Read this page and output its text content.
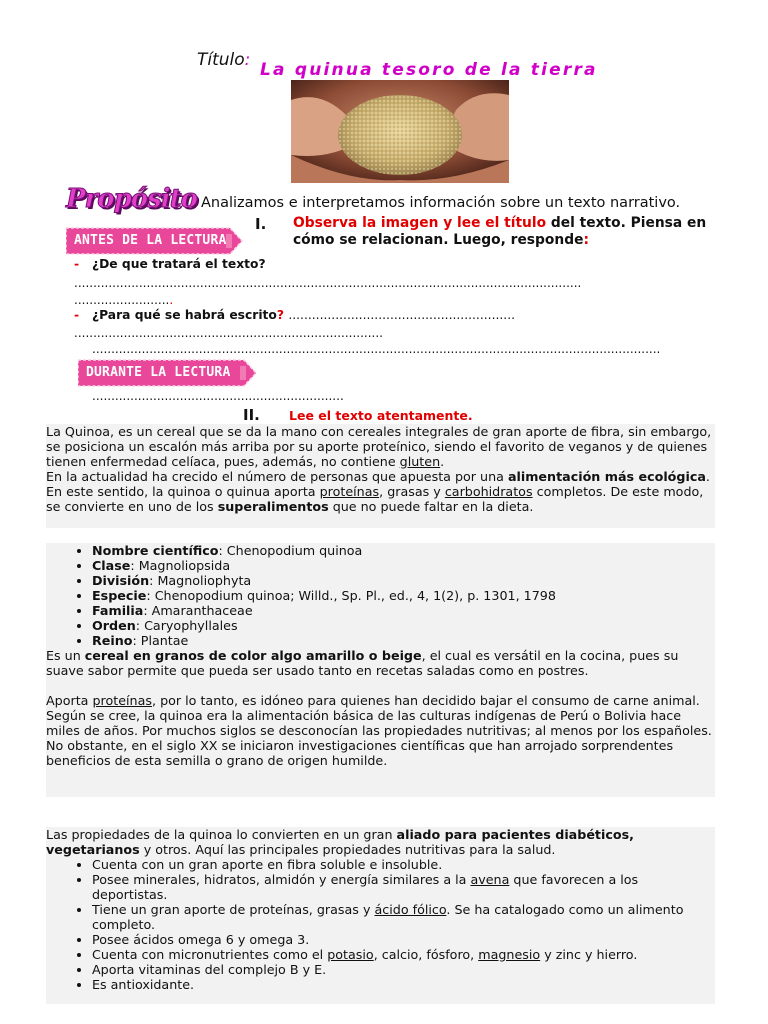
Título: La quinua tesoro de la tierra
Propósito Analizamos e interpretamos información sobre un texto narrativo.
ANTES DE LA LECTURA
I. Observa la imagen y lee el título del texto. Piensa en cómo se relacionan. Luego, responde:
- ¿De que tratará el texto?
.....................................................................................................................................
..........................
- ¿Para qué se habrá escrito? ..........................................................
.................................................................................
.....................................................................................................................................................
DURANTE LA LECTURA
..................................................................
II. Lee el texto atentamente.

La Quinoa, es un cereal que se da la mano con cereales integrales de gran aporte de fibra, sin embargo, se posiciona un escalón más arriba por su aporte proteínico, siendo el favorito de veganos y de quienes tienen enfermedad celíaca, pues, además, no contiene gluten.

En la actualidad ha crecido el número de personas que apuesta por una alimentación más ecológica. En este sentido, la quinoa o quinua aporta proteínas, grasas y carbohidratos completos. De este modo, se convierte en uno de los superalimentos que no puede faltar en la dieta.

• Nombre científico: Chenopodium quinoa
• Clase: Magnoliopsida
• División: Magnoliophyta
• Especie: Chenopodium quinoa; Willd., Sp. Pl., ed., 4, 1(2), p. 1301, 1798
• Familia: Amaranthaceae
• Orden: Caryophyllales
• Reino: Plantae

Es un cereal en granos de color algo amarillo o beige, el cual es versátil en la cocina, pues su suave sabor permite que pueda ser usado tanto en recetas saladas como en postres.

Aporta proteínas, por lo tanto, es idóneo para quienes han decidido bajar el consumo de carne animal.

Según se cree, la quinoa era la alimentación básica de las culturas indígenas de Perú o Bolivia hace miles de años. Por muchos siglos se desconocían las propiedades nutritivas; al menos por los españoles.

No obstante, en el siglo XX se iniciaron investigaciones científicas que han arrojado sorprendentes beneficios de esta semilla o grano de origen humilde.

Las propiedades de la quinoa lo convierten en un gran aliado para pacientes diabéticos, vegetarianos y otros. Aquí las principales propiedades nutritivas para la salud.

• Cuenta con un gran aporte en fibra soluble e insoluble.
• Posee minerales, hidratos, almidón y energía similares a la avena que favorecen a los deportistas.
• Tiene un gran aporte de proteínas, grasas y ácido fólico. Se ha catalogado como un alimento completo.
• Posee ácidos omega 6 y omega 3.
• Cuenta con micronutrientes como el potasio, calcio, fósforo, magnesio y zinc y hierro.
• Aporta vitaminas del complejo B y E.
• Es antioxidante.
